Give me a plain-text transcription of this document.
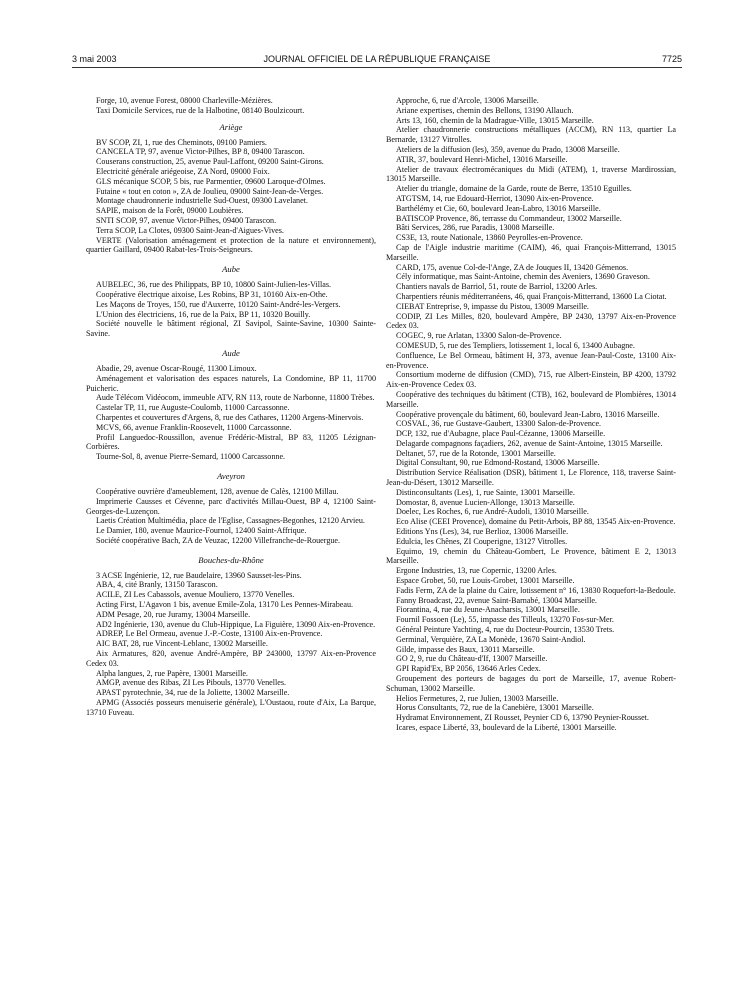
3 mai 2003	JOURNAL OFFICIEL DE LA RÉPUBLIQUE FRANÇAISE	7725

Forge, 10, avenue Forest, 08000 Charleville-Mézières.

Taxi Domicile Services, rue de la Halbotine, 08140 Boulzicourt.

Ariège

BV SCOP, ZI, 1, rue des Cheminots, 09100 Pamiers.

CANCELA TP, 97, avenue Victor-Pilhes, BP 8, 09400 Tarascon.

Couserans construction, 25, avenue Paul-Laffont, 09200 Saint-Girons.

Electricité générale ariégeoise, ZA Nord, 09000 Foix.

GLS mécanique SCOP, 5 bis, rue Parmentier, 09600 Laroque-d'Olmes.

Futaine « tout en coton », ZA de Joulieu, 09000 Saint-Jean-de-Verges.

Montage chaudronnerie industrielle Sud-Ouest, 09300 Lavelanet.

SAPIE, maison de la Forêt, 09000 Loubières.

SNTI SCOP, 97, avenue Victor-Pilhes, 09400 Tarascon.

Terra SCOP, La Clotes, 09300 Saint-Jean-d'Aigues-Vives.

VERTE (Valorisation aménagement et protection de la nature et environnement), quartier Gaillard, 09400 Rabat-les-Trois-Seigneurs.

Aube

AUBELEC, 36, rue des Philippats, BP 10, 10800 Saint-Julien-les-Villas.

Coopérative électrique aixoise, Les Robins, BP 31, 10160 Aix-en-Othe.

Les Maçons de Troyes, 150, rue d'Auxerre, 10120 Saint-André-les-Vergers.

L'Union des électriciens, 16, rue de la Paix, BP 11, 10320 Bouilly.

Société nouvelle le bâtiment régional, ZI Savipol, Sainte-Savine, 10300 Sainte-Savine.

Aude

Abadie, 29, avenue Oscar-Rougé, 11300 Limoux.

Aménagement et valorisation des espaces naturels, La Condomine, BP 11, 11700 Puicheric.

Aude Télécom Vidéocom, immeuble ATV, RN 113, route de Narbonne, 11800 Trèbes.

Castelar TP, 11, rue Auguste-Coulomb, 11000 Carcassonne.

Charpentes et couvertures d'Argens, 8, rue des Cathares, 11200 Argens-Minervois.

MCVS, 66, avenue Franklin-Roosevelt, 11000 Carcassonne.

Profil Languedoc-Roussillon, avenue Frédéric-Mistral, BP 83, 11205 Lézignan-Corbières.

Tourne-Sol, 8, avenue Pierre-Semard, 11000 Carcassonne.

Aveyron

Coopérative ouvrière d'ameublement, 128, avenue de Calès, 12100 Millau.

Imprimerie Causses et Cévenne, parc d'activités Millau-Ouest, BP 4, 12100 Saint-Georges-de-Luzençon.

Laetis Création Multimédia, place de l'Eglise, Cassagnes-Begonhes, 12120 Arvieu.

Le Damier, 180, avenue Maurice-Fournol, 12400 Saint-Affrique.

Société coopérative Bach, ZA de Veuzac, 12200 Villefranche-de-Rouergue.

Bouches-du-Rhône

3 ACSE Ingénierie, 12, rue Baudelaire, 13960 Sausset-les-Pins.

ABA, 4, cité Branly, 13150 Tarascon.

ACILE, ZI Les Cabassols, avenue Mouliero, 13770 Venelles.

Acting First, L'Agavon 1 bis, avenue Emile-Zola, 13170 Les Pennes-Mirabeau.

ADM Pesage, 20, rue Juramy, 13004 Marseille.

AD2 Ingénierie, 130, avenue du Club-Hippique, La Figuière, 13090 Aix-en-Provence.

ADREP, Le Bel Ormeau, avenue J.-P.-Coste, 13100 Aix-en-Provence.

AIC BAT, 28, rue Vincent-Leblanc, 13002 Marseille.

Aix Armatures, 820, avenue André-Ampère, BP 243000, 13797 Aix-en-Provence Cedex 03.

Alpha langues, 2, rue Papère, 13001 Marseille.

AMGP, avenue des Ribas, ZI Les Pibouls, 13770 Venelles.

APAST pyrotechnie, 34, rue de la Joliette, 13002 Marseille.

APMG (Associés posseurs menuiserie générale), L'Oustaou, route d'Aix, La Barque, 13710 Fuveau.

Approche, 6, rue d'Arcole, 13006 Marseille.

Ariane expertises, chemin des Bellons, 13190 Allauch.

Arts 13, 160, chemin de la Madrague-Ville, 13015 Marseille.

Atelier chaudronnerie constructions métalliques (ACCM), RN 113, quartier La Bernarde, 13127 Vitrolles.

Ateliers de la diffusion (les), 359, avenue du Prado, 13008 Marseille.

ATIR, 37, boulevard Henri-Michel, 13016 Marseille.

Atelier de travaux électromécaniques du Midi (ATEM), 1, traverse Mardirossian, 13015 Marseille.

Atelier du triangle, domaine de la Garde, route de Berre, 13510 Eguilles.

ATGTSM, 14, rue Edouard-Herriot, 13090 Aix-en-Provence.

Barthélémy et Cie, 60, boulevard Jean-Labro, 13016 Marseille.

BATISCOP Provence, 86, terrasse du Commandeur, 13002 Marseille.

Bâti Services, 286, rue Paradis, 13008 Marseille.

CS3E, 13, route Nationale, 13860 Peyrolles-en-Provence.

Cap de l'Aigle industrie maritime (CAIM), 46, quai François-Mitterrand, 13015 Marseille.

CARD, 175, avenue Col-de-l'Ange, ZA de Jouques II, 13420 Gémenos.

Cély informatique, mas Saint-Antoine, chemin des Aveniers, 13690 Graveson.

Chantiers navals de Barriol, 51, route de Barriol, 13200 Arles.

Charpentiers réunis méditerranéens, 46, quai François-Mitterrand, 13600 La Ciotat.

CIEBAT Entreprise, 9, impasse du Pistou, 13009 Marseille.

CODIP, ZI Les Milles, 820, boulevard Ampère, BP 2430, 13797 Aix-en-Provence Cedex 03.

COGEC, 9, rue Arlatan, 13300 Salon-de-Provence.

COMESUD, 5, rue des Templiers, lotissement 1, local 6, 13400 Aubagne.

Confluence, Le Bel Ormeau, bâtiment H, 373, avenue Jean-Paul-Coste, 13100 Aix-en-Provence.

Consortium moderne de diffusion (CMD), 715, rue Albert-Einstein, BP 4200, 13792 Aix-en-Provence Cedex 03.

Coopérative des techniques du bâtiment (CTB), 162, boulevard de Plombières, 13014 Marseille.

Coopérative provençale du bâtiment, 60, boulevard Jean-Labro, 13016 Marseille.

COSVAL, 36, rue Gustave-Gaubert, 13300 Salon-de-Provence.

DCP, 132, rue d'Aubagne, place Paul-Cézanne, 13006 Marseille.

Delagarde compagnons façadiers, 262, avenue de Saint-Antoine, 13015 Marseille.

Deltanet, 57, rue de la Rotonde, 13001 Marseille.

Digital Consultant, 90, rue Edmond-Rostand, 13006 Marseille.

Distribution Service Réalisation (DSR), bâtiment 1, Le Florence, 118, traverse Saint-Jean-du-Désert, 13012 Marseille.

Distinconsultants (Les), 1, rue Sainte, 13001 Marseille.

Domostar, 8, avenue Lucien-Allonge, 13013 Marseille.

Doelec, Les Roches, 6, rue André-Audoli, 13010 Marseille.

Eco Alise (CEEI Provence), domaine du Petit-Arbois, BP 88, 13545 Aix-en-Provence.

Editions Yns (Les), 34, rue Berlioz, 13006 Marseille.

Edulcia, les Chênes, ZI Couperigne, 13127 Vitrolles.

Equimo, 19, chemin du Château-Gombert, Le Provence, bâtiment E 2, 13013 Marseille.

Ergone Industries, 13, rue Copernic, 13200 Arles.

Espace Grobet, 50, rue Louis-Grobet, 13001 Marseille.

Fadis Ferm, ZA de la plaine du Caire, lotissement n° 16, 13830 Roquefort-la-Bedoule.

Fanny Broadcast, 22, avenue Saint-Barnabé, 13004 Marseille.

Fiorantina, 4, rue du Jeune-Anacharsis, 13001 Marseille.

Fournil Fossoen (Le), 55, impasse des Tilleuls, 13270 Fos-sur-Mer.

Général Peinture Yachting, 4, rue du Docteur-Pourcin, 13530 Trets.

Germinal, Verquière, ZA La Monède, 13670 Saint-Andiol.

Gilde, impasse des Baux, 13011 Marseille.

GO 2, 9, rue du Château-d'If, 13007 Marseille.

GPI Rapid'Ex, BP 2056, 13646 Arles Cedex.

Groupement des porteurs de bagages du port de Marseille, 17, avenue Robert-Schuman, 13002 Marseille.

Helios Fermetures, 2, rue Julien, 13003 Marseille.

Horus Consultants, 72, rue de la Canebière, 13001 Marseille.

Hydramat Environnement, ZI Rousset, Peynier CD 6, 13790 Peynier-Rousset.

Icares, espace Liberté, 33, boulevard de la Liberté, 13001 Marseille.
